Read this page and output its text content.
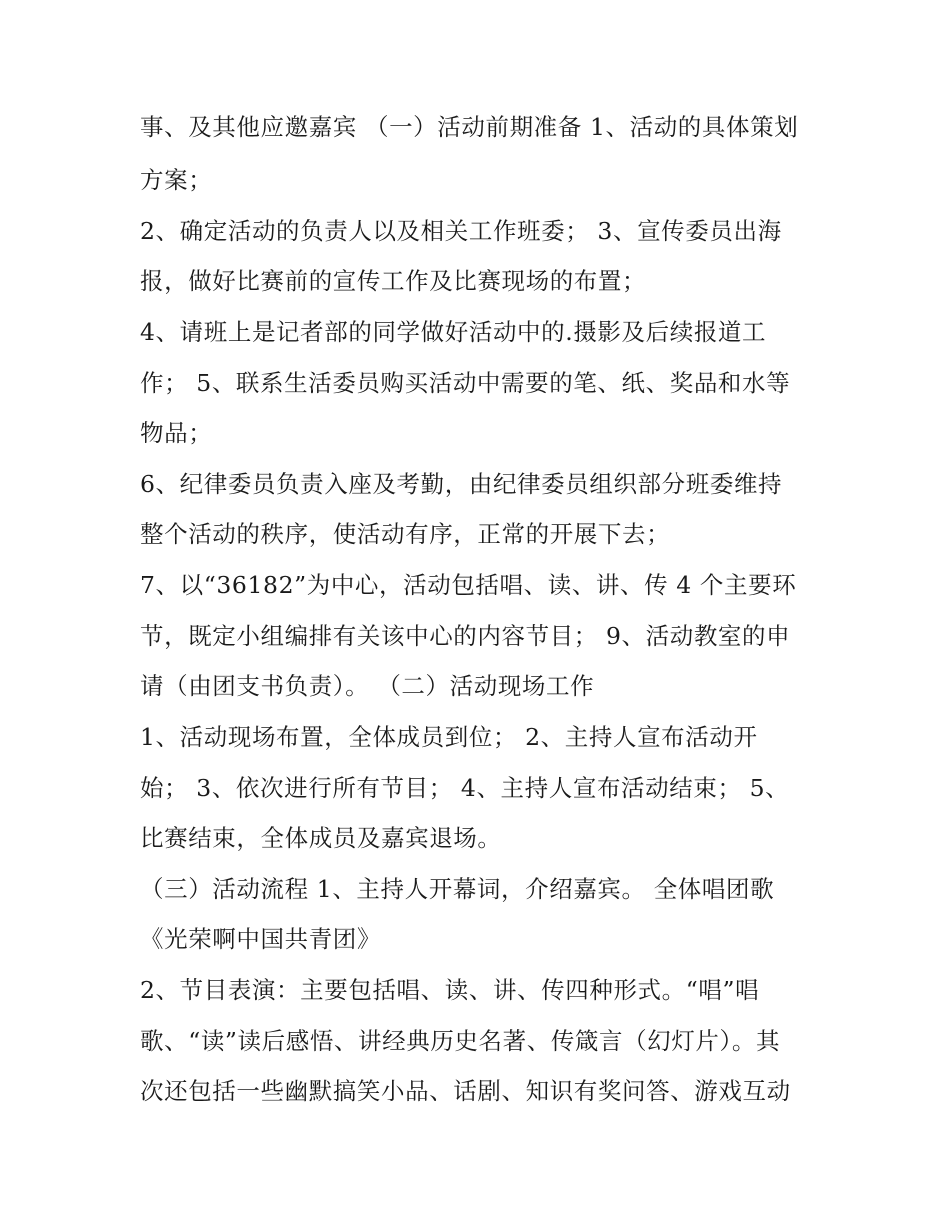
事、及其他应邀嘉宾 （一）活动前期准备 1、活动的具体策划
方案；
2、确定活动的负责人以及相关工作班委； 3、宣传委员出海
报，做好比赛前的宣传工作及比赛现场的布置；
4、请班上是记者部的同学做好活动中的.摄影及后续报道工
作； 5、联系生活委员购买活动中需要的笔、纸、奖品和水等
物品；
6、纪律委员负责入座及考勤，由纪律委员组织部分班委维持
整个活动的秩序，使活动有序，正常的开展下去；
7、以“36182”为中心，活动包括唱、读、讲、传 4 个主要环
节，既定小组编排有关该中心的内容节目； 9、活动教室的申
请（由团支书负责）。 （二）活动现场工作
1、活动现场布置，全体成员到位； 2、主持人宣布活动开
始； 3、依次进行所有节目； 4、主持人宣布活动结束； 5、
比赛结束，全体成员及嘉宾退场。
（三）活动流程 1、主持人开幕词，介绍嘉宾。 全体唱团歌
《光荣啊中国共青团》
2、节目表演：主要包括唱、读、讲、传四种形式。“唱”唱
歌、“读”读后感悟、讲经典历史名著、传箴言（幻灯片）。其
次还包括一些幽默搞笑小品、话剧、知识有奖问答、游戏互动
